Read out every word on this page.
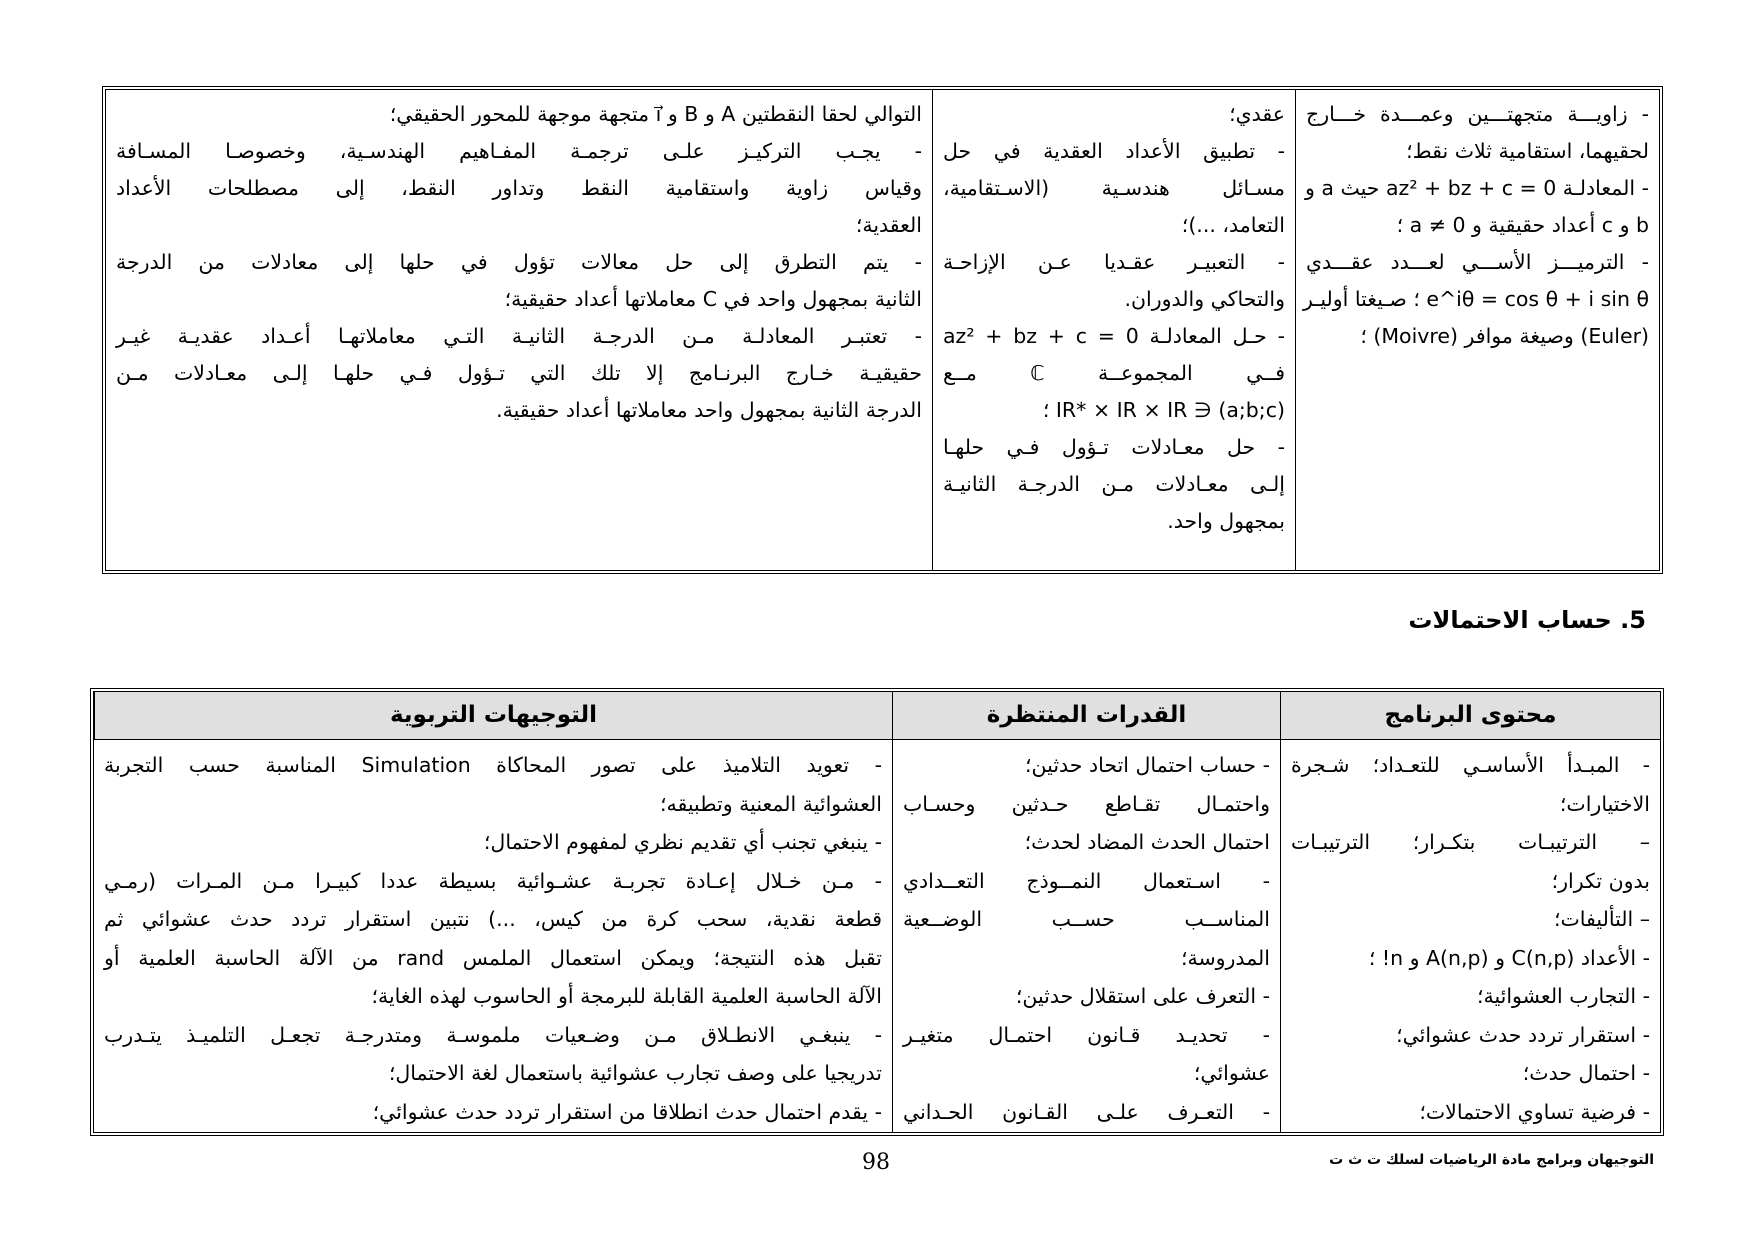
- زاويـــة متجهتـــين وعمـــدة خـــارج
لحقيهما، استقامية ثلاث نقط؛
- المعادلـة az² + bz + c = 0 حيث a و
b و c أعداد حقيقية و a ≠ 0 ؛
- الترميـــز الأســـي لعـــدد عقـــدي
e^iθ = cos θ + i sin θ ؛ صـيغتا أوليـر
(Euler) وصيغة موافر (Moivre) ؛
عقدي؛
- تطبيق الأعداد العقدية في حل
مسـائل هندسـية (الاسـتقامية،
التعامد، ...)؛
- التعبيـر عقـديا عـن الإزاحـة
والتحاكي والدوران.
- حـل المعادلـة az² + bz + c = 0
فــي المجموعــة ℂ مــع
(a;b;c) ∈ IR* × IR × IR ؛
- حل معـادلات تـؤول فـي حلهـا
إلـى معـادلات مـن الدرجـة الثانيـة
بمجهول واحد.
التوالي لحقا النقطتين A و B و i⃗ متجهة موجهة للمحور الحقيقي؛
- يجـب التركيـز علـى ترجمـة المفـاهيم الهندسـية، وخصوصـا المسـافة
وقياس زاوية واستقامية النقط وتداور النقط، إلى مصطلحات الأعداد
العقدية؛
- يتم التطرق إلى حل معالات تؤول في حلها إلى معادلات من الدرجة
الثانية بمجهول واحد في C معاملاتها أعداد حقيقية؛
- تعتبـر المعادلـة مـن الدرجـة الثانيـة التـي معاملاتهـا أعـداد عقديـة غيـر
حقيقيـة خـارج البرنـامج إلا تلك التي تـؤول فـي حلهـا إلـى معـادلات مـن
الدرجة الثانية بمجهول واحد معاملاتها أعداد حقيقية.
5. حساب الاحتمالات
محتوى البرنامج
القدرات المنتظرة
التوجيهات التربوية
- المبـدأ الأساسـي للتعـداد؛ شـجرة
الاختيارات؛
– الترتيبـات بتكـرار؛ الترتيبـات
بدون تكرار؛
– التأليفات؛
- الأعداد C(n,p) و A(n,p) و n! ؛
- التجارب العشوائية؛
- استقرار تردد حدث عشوائي؛
- احتمال حدث؛
- فرضية تساوي الاحتمالات؛
- حساب احتمال اتحاد حدثين؛
واحتمـال تقـاطع حـدثين وحسـاب
احتمال الحدث المضاد لحدث؛
- اسـتعمال النمــوذج التعــدادي
المناســب حســب الوضــعية
المدروسة؛
- التعرف على استقلال حدثين؛
- تحديـد قـانون احتمـال متغيـر
عشوائي؛
- التعـرف علـى القـانون الحـداني
- تعويد التلاميذ على تصور المحاكاة Simulation المناسبة حسب التجربة
العشوائية المعنية وتطبيقه؛
- ينبغي تجنب أي تقديم نظري لمفهوم الاحتمال؛
- مـن خـلال إعـادة تجربـة عشـوائية بسيطة عددا كبيـرا مـن المـرات (رمـي
قطعة نقدية، سحب كرة من كيس، ...) نتبين استقرار تردد حدث عشوائي ثم
تقبل هذه النتيجة؛ ويمكن استعمال الملمس rand من الآلة الحاسبة العلمية أو
الآلة الحاسبة العلمية القابلة للبرمجة أو الحاسوب لهذه الغاية؛
- ينبغـي الانطـلاق مـن وضـعيات ملموسـة ومتدرجـة تجعـل التلميـذ يتـدرب
تدريجيا على وصف تجارب عشوائية باستعمال لغة الاحتمال؛
- يقدم احتمال حدث انطلاقا من استقرار تردد حدث عشوائي؛
98	التوجيهان وبرامج مادة الرياضيات لسلك ت ث ت
